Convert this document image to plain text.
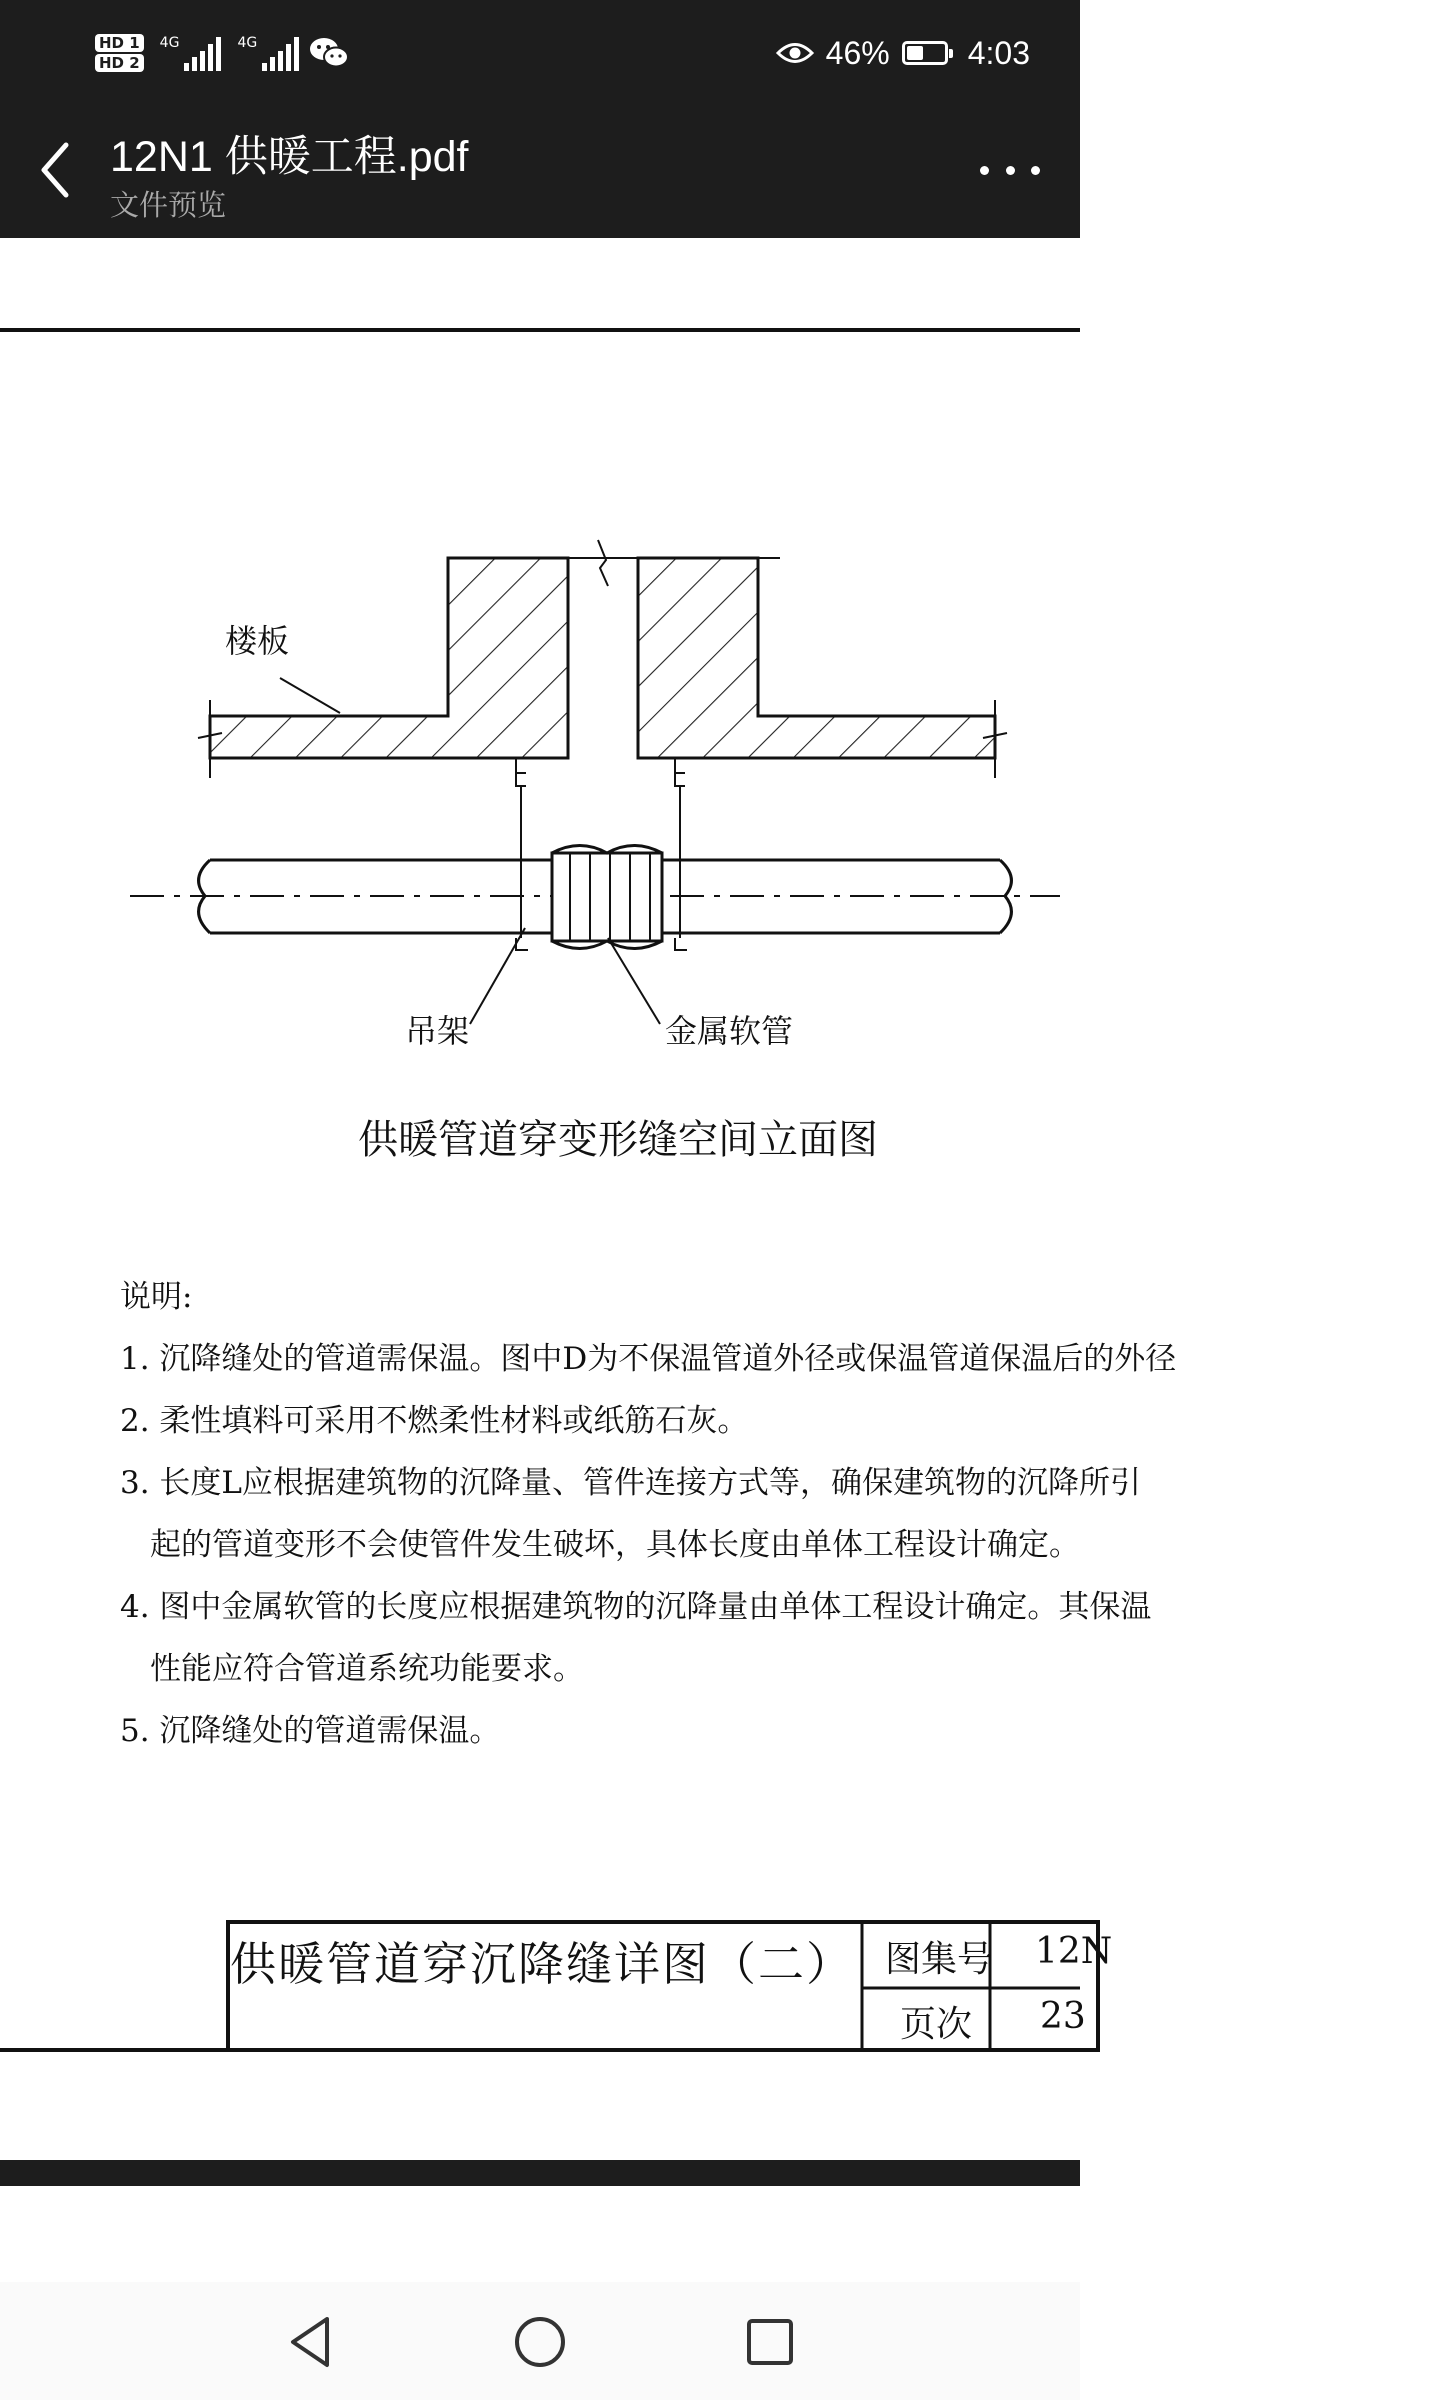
HD 1
HD 2
4G	4G	46% 4:03
12N1 供暖工程.pdf
文件预览
楼板
吊架	金属软管
供暖管道穿变形缝空间立面图
说明:
1. 沉降缝处的管道需保温。图中D为不保温管道外径或保温管道保温后的外径
2. 柔性填料可采用不燃柔性材料或纸筋石灰。
3. 长度L应根据建筑物的沉降量、管件连接方式等，确保建筑物的沉降所引
起的管道变形不会使管件发生破坏，具体长度由单体工程设计确定。
4. 图中金属软管的长度应根据建筑物的沉降量由单体工程设计确定。其保温
性能应符合管道系统功能要求。
5. 沉降缝处的管道需保温。
供暖管道穿沉降缝详图（二） 图集号 12N
页次 23
